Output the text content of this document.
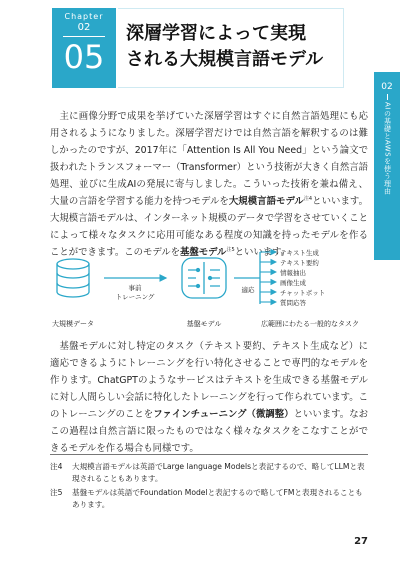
Chapter
02
05
深層学習によって実現
される大規模言語モデル
02
AIの基礎とAWSを使う理由

主に画像分野で成果を挙げていた深層学習はすぐに自然言語処理にも応用されるようになりました。深層学習だけでは自然言語を解釈するのは難しかったのですが、2017年に「Attention Is All You Need」という論文で扱われたトランスフォーマー（Transformer）という技術が大きく自然言語処理、並びに生成AIの発展に寄与しました。こういった技術を兼ね備え、大量の言語を学習する能力を持つモデルを大規模言語モデル$^{注4}$といいます。大規模言語モデルは、インターネット規模のデータで学習をさせていくことによって様々なタスクに応用可能なある程度の知識を持ったモデルを作ることができます。このモデルを基盤モデル$^{注5}$といいます。

事前
トレーニング
適応
テキスト生成
テキスト要約
情報抽出
画像生成
チャットボット
質問応答
大規模データ	基盤モデル	広範囲にわたる一般的なタスク

基盤モデルに対し特定のタスク（テキスト要約、テキスト生成など）に適応できるようにトレーニングを行い特化させることで専門的なモデルを作ります。ChatGPTのようなサービスはテキストを生成できる基盤モデルに対し人間らしい会話に特化したトレーニングを行って作られています。このトレーニングのことをファインチューニング（微調整）といいます。なおこの過程は自然言語に限ったものではなく様々なタスクをこなすことができるモデルを作る場合も同様です。

注4	大規模言語モデルは英語でLarge language Modelsと表記するので、略してLLMと表現されることもあります。
注5	基盤モデルは英語でFoundation Modelと表記するので略してFMと表現されることもあります。
27
